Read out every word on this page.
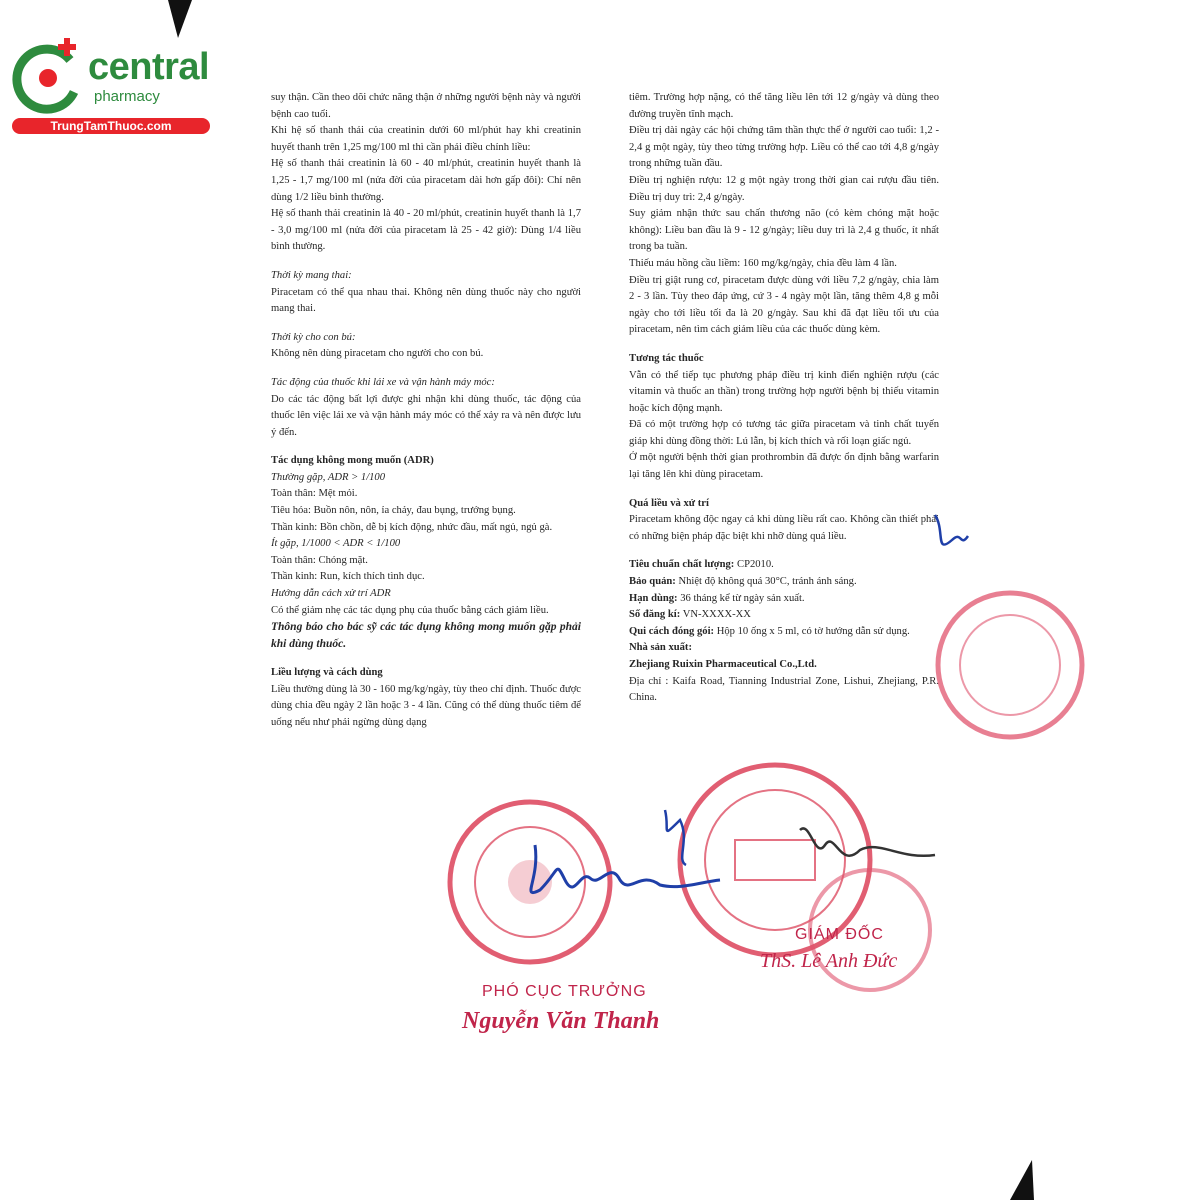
central
pharmacy
TrungTamThuoc.com

suy thận. Cần theo dõi chức năng thận ở những người bệnh này và người bệnh cao tuổi.

Khi hệ số thanh thải của creatinin dưới 60 ml/phút hay khi creatinin huyết thanh trên 1,25 mg/100 ml thì cần phải điều chỉnh liều:

Hệ số thanh thải creatinin là 60 - 40 ml/phút, creatinin huyết thanh là 1,25 - 1,7 mg/100 ml (nửa đời của piracetam dài hơn gấp đôi): Chỉ nên dùng 1/2 liều bình thường.

Hệ số thanh thải creatinin là 40 - 20 ml/phút, creatinin huyết thanh là 1,7 - 3,0 mg/100 ml (nửa đời của piracetam là 25 - 42 giờ): Dùng 1/4 liều bình thường.

Thời kỳ mang thai:

Piracetam có thể qua nhau thai. Không nên dùng thuốc này cho người mang thai.

Thời kỳ cho con bú:

Không nên dùng piracetam cho người cho con bú.

Tác động của thuốc khi lái xe và vận hành máy móc:

Do các tác động bất lợi được ghi nhận khi dùng thuốc, tác động của thuốc lên việc lái xe và vận hành máy móc có thể xảy ra và nên được lưu ý đến.

Tác dụng không mong muốn (ADR)

Thường gặp, ADR > 1/100

Toàn thân: Mệt mỏi.

Tiêu hóa: Buồn nôn, nôn, ỉa chảy, đau bụng, trướng bụng.

Thần kinh: Bồn chồn, dễ bị kích động, nhức đầu, mất ngủ, ngủ gà.

Ít gặp, 1/1000 < ADR < 1/100

Toàn thân: Chóng mặt.

Thần kinh: Run, kích thích tình dục.

Hướng dẫn cách xử trí ADR

Có thể giảm nhẹ các tác dụng phụ của thuốc bằng cách giảm liều.

Thông báo cho bác sỹ các tác dụng không mong muốn gặp phải khi dùng thuốc.

Liều lượng và cách dùng

Liều thường dùng là 30 - 160 mg/kg/ngày, tùy theo chỉ định. Thuốc được dùng chia đều ngày 2 lần hoặc 3 - 4 lần. Cũng có thể dùng thuốc tiêm để uống nếu như phải ngừng dùng dạng

tiêm. Trường hợp nặng, có thể tăng liều lên tới 12 g/ngày và dùng theo đường truyền tĩnh mạch.

Điều trị dài ngày các hội chứng tâm thần thực thể ở người cao tuổi: 1,2 - 2,4 g một ngày, tùy theo từng trường hợp. Liều có thể cao tới 4,8 g/ngày trong những tuần đầu.

Điều trị nghiện rượu: 12 g một ngày trong thời gian cai rượu đầu tiên. Điều trị duy trì: 2,4 g/ngày.

Suy giảm nhận thức sau chấn thương não (có kèm chóng mặt hoặc không): Liều ban đầu là 9 - 12 g/ngày; liều duy trì là 2,4 g thuốc, ít nhất trong ba tuần.

Thiếu máu hồng cầu liềm: 160 mg/kg/ngày, chia đều làm 4 lần.

Điều trị giật rung cơ, piracetam được dùng với liều 7,2 g/ngày, chia làm 2 - 3 lần. Tùy theo đáp ứng, cứ 3 - 4 ngày một lần, tăng thêm 4,8 g mỗi ngày cho tới liều tối đa là 20 g/ngày. Sau khi đã đạt liều tối ưu của piracetam, nên tìm cách giảm liều của các thuốc dùng kèm.

Tương tác thuốc

Vẫn có thể tiếp tục phương pháp điều trị kinh điển nghiện rượu (các vitamin và thuốc an thần) trong trường hợp người bệnh bị thiếu vitamin hoặc kích động mạnh.

Đã có một trường hợp có tương tác giữa piracetam và tinh chất tuyến giáp khi dùng đồng thời: Lú lẫn, bị kích thích và rối loạn giấc ngủ.

Ở một người bệnh thời gian prothrombin đã được ổn định bằng warfarin lại tăng lên khi dùng piracetam.

Quá liều và xử trí

Piracetam không độc ngay cả khi dùng liều rất cao. Không cần thiết phải có những biện pháp đặc biệt khi nhỡ dùng quá liều.

Tiêu chuẩn chất lượng: CP2010.

Bảo quản: Nhiệt độ không quá 30°C, tránh ánh sáng.

Hạn dùng: 36 tháng kể từ ngày sản xuất.

Số đăng kí: VN-XXXX-XX

Qui cách đóng gói: Hộp 10 ống x 5 ml, có tờ hướng dẫn sử dụng.

Nhà sản xuất:

Zhejiang Ruixin Pharmaceutical Co.,Ltd.

Địa chỉ : Kaifa Road, Tianning Industrial Zone, Lishui, Zhejiang, P.R. China.

GIÁM ĐỐC
ThS. Lê Anh Đức
PHÓ CỤC TRƯỞNG
Nguyễn Văn Thanh
